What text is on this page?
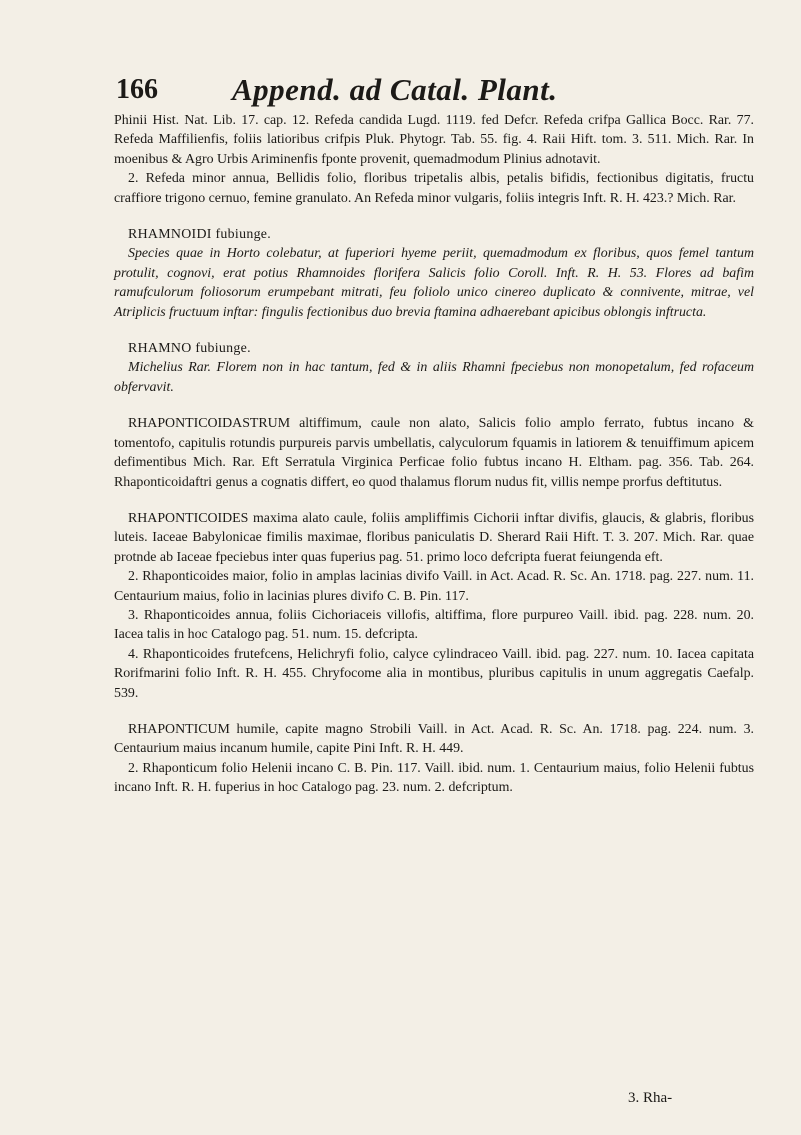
166 Append. ad Catal. Plant.

Phinii Hist. Nat. Lib. 17. cap. 12. Refeda candida Lugd. 1119. fed Defcr. Refeda crifpa Gallica Bocc. Rar. 77. Refeda Maffilienfis, foliis latioribus crifpis Pluk. Phytogr. Tab. 55. fig. 4. Raii Hift. tom. 3. 511. Mich. Rar. In moenibus & Agro Urbis Ariminenfis fponte provenit, quemadmodum Plinius adnotavit.

2. Refeda minor annua, Bellidis folio, floribus tripetalis albis, petalis bifidis, fectionibus digitatis, fructu craffiore trigono cernuo, femine granulato. An Refeda minor vulgaris, foliis integris Inft. R. H. 423.? Mich. Rar.

RHAMNOIDI fubiunge.

Species quae in Horto colebatur, at fuperiori hyeme periit, quemadmodum ex floribus, quos femel tantum protulit, cognovi, erat potius Rhamnoides florifera Salicis folio Coroll. Inft. R. H. 53. Flores ad bafim ramufculorum foliosorum erumpebant mitrati, feu foliolo unico cinereo duplicato & connivente, mitrae, vel Atriplicis fructuum inftar: fingulis fectionibus duo brevia ftamina adhaerebant apicibus oblongis inftructa.

RHAMNO fubiunge.

Michelius Rar. Florem non in hac tantum, fed & in aliis Rhamni fpeciebus non monopetalum, fed rofaceum obfervavit.

RHAPONTICOIDASTRUM altiffimum, caule non alato, Salicis folio amplo ferrato, fubtus incano & tomentofo, capitulis rotundis purpureis parvis umbellatis, calyculorum fquamis in latiorem & tenuiffimum apicem defimentibus Mich. Rar. Eft Serratula Virginica Perficae folio fubtus incano H. Eltham. pag. 356. Tab. 264. Rhaponticoidaftri genus a cognatis differt, eo quod thalamus florum nudus fit, villis nempe prorfus deftitutus.

RHAPONTICOIDES maxima alato caule, foliis ampliffimis Cichorii inftar divifis, glaucis, & glabris, floribus luteis. Iaceae Babylonicae fimilis maximae, floribus paniculatis D. Sherard Raii Hift. T. 3. 207. Mich. Rar. quae protnde ab Iaceae fpeciebus inter quas fuperius pag. 51. primo loco defcripta fuerat feiungenda eft.

2. Rhaponticoides maior, folio in amplas lacinias divifo Vaill. in Act. Acad. R. Sc. An. 1718. pag. 227. num. 11. Centaurium maius, folio in lacinias plures divifo C. B. Pin. 117.

3. Rhaponticoides annua, foliis Cichoriaceis villofis, altiffima, flore purpureo Vaill. ibid. pag. 228. num. 20. Iacea talis in hoc Catalogo pag. 51. num. 15. defcripta.

4. Rhaponticoides frutefcens, Helichryfi folio, calyce cylindraceo Vaill. ibid. pag. 227. num. 10. Iacea capitata Rorifmarini folio Inft. R. H. 455. Chryfocome alia in montibus, pluribus capitulis in unum aggregatis Caefalp. 539.

RHAPONTICUM humile, capite magno Strobili Vaill. in Act. Acad. R. Sc. An. 1718. pag. 224. num. 3. Centaurium maius incanum humile, capite Pini Inft. R. H. 449.

2. Rhaponticum folio Helenii incano C. B. Pin. 117. Vaill. ibid. num. 1. Centaurium maius, folio Helenii fubtus incano Inft. R. H. fuperius in hoc Catalogo pag. 23. num. 2. defcriptum.

3. Rha-
